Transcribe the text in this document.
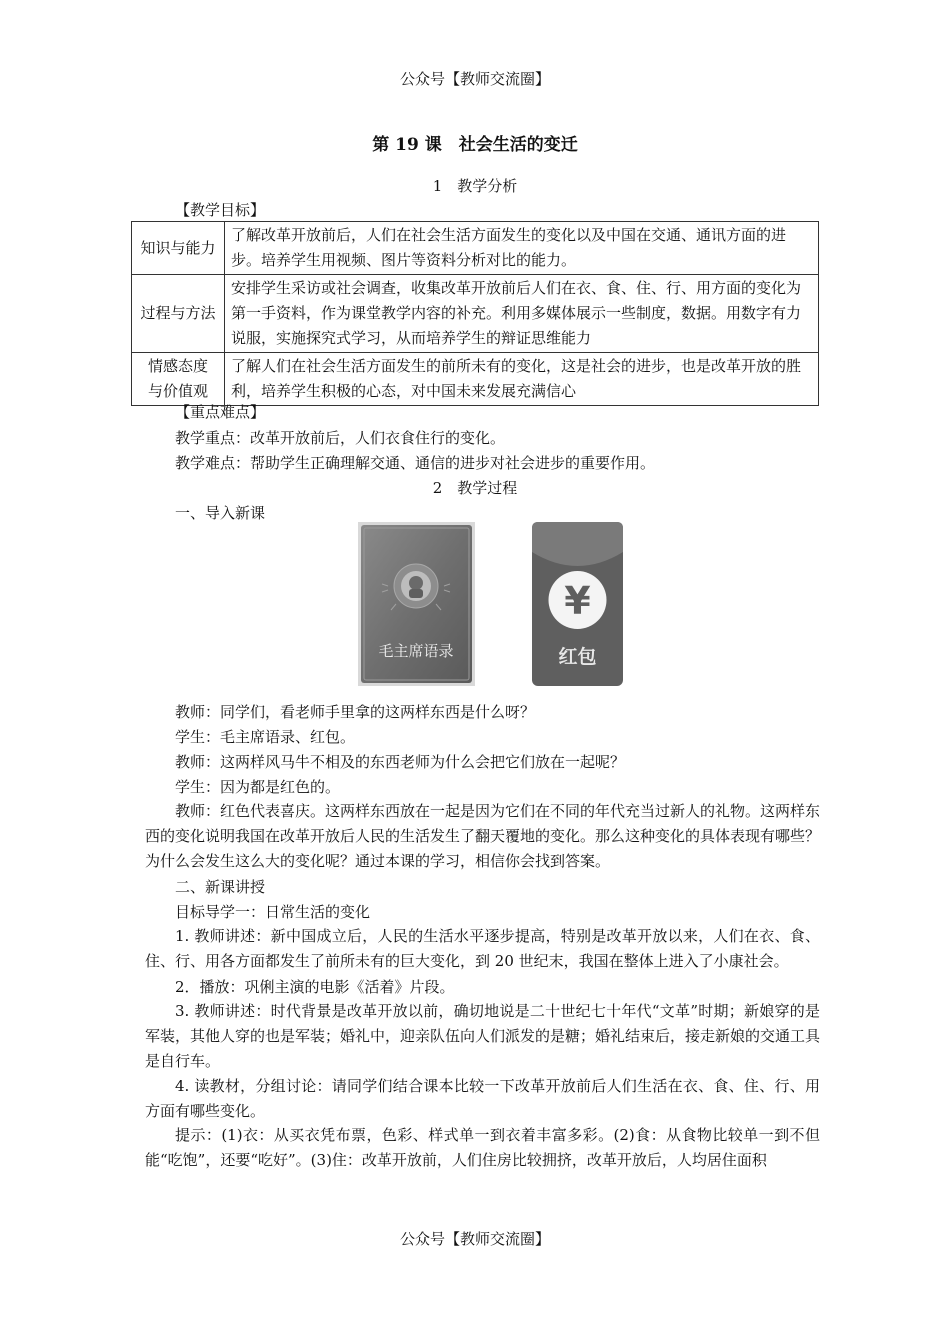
公众号【教师交流圈】
第 19 课　社会生活的变迁
1　教学分析
【教学目标】
知识与能力	了解改革开放前后，人们在社会生活方面发生的变化以及中国在交通、通讯方面的进步。培养学生用视频、图片等资料分析对比的能力。
过程与方法	安排学生采访或社会调查，收集改革开放前后人们在衣、食、住、行、用方面的变化为第一手资料，作为课堂教学内容的补充。利用多媒体展示一些制度，数据。用数字有力说服，实施探究式学习，从而培养学生的辩证思维能力

情感态度
与价值观	了解人们在社会生活方面发生的前所未有的变化，这是社会的进步，也是改革开放的胜利，培养学生积极的心态，对中国未来发展充满信心
【重点难点】
教学重点：改革开放前后，人们衣食住行的变化。
教学难点：帮助学生正确理解交通、通信的进步对社会进步的重要作用。
2　教学过程
一、导入新课
毛主席语录
¥
红包
教师：同学们，看老师手里拿的这两样东西是什么呀？
学生：毛主席语录、红包。
教师：这两样风马牛不相及的东西老师为什么会把它们放在一起呢？
学生：因为都是红色的。
教师：红色代表喜庆。这两样东西放在一起是因为它们在不同的年代充当过新人的礼物。这两样东西的变化说明我国在改革开放后人民的生活发生了翻天覆地的变化。那么这种变化的具体表现有哪些？为什么会发生这么大的变化呢？通过本课的学习，相信你会找到答案。
二、新课讲授
目标导学一：日常生活的变化
1. 教师讲述：新中国成立后，人民的生活水平逐步提高，特别是改革开放以来，人们在衣、食、住、行、用各方面都发生了前所未有的巨大变化，到 20 世纪末，我国在整体上进入了小康社会。
2．播放：巩俐主演的电影《活着》片段。
3. 教师讲述：时代背景是改革开放以前，确切地说是二十世纪七十年代“文革”时期；新娘穿的是军装，其他人穿的也是军装；婚礼中，迎亲队伍向人们派发的是糖；婚礼结束后，接走新娘的交通工具是自行车。
4. 读教材，分组讨论：请同学们结合课本比较一下改革开放前后人们生活在衣、食、住、行、用方面有哪些变化。
提示：(1)衣：从买衣凭布票，色彩、样式单一到衣着丰富多彩。(2)食：从食物比较单一到不但能“吃饱”，还要“吃好”。(3)住：改革开放前，人们住房比较拥挤，改革开放后，人均居住面积
公众号【教师交流圈】
